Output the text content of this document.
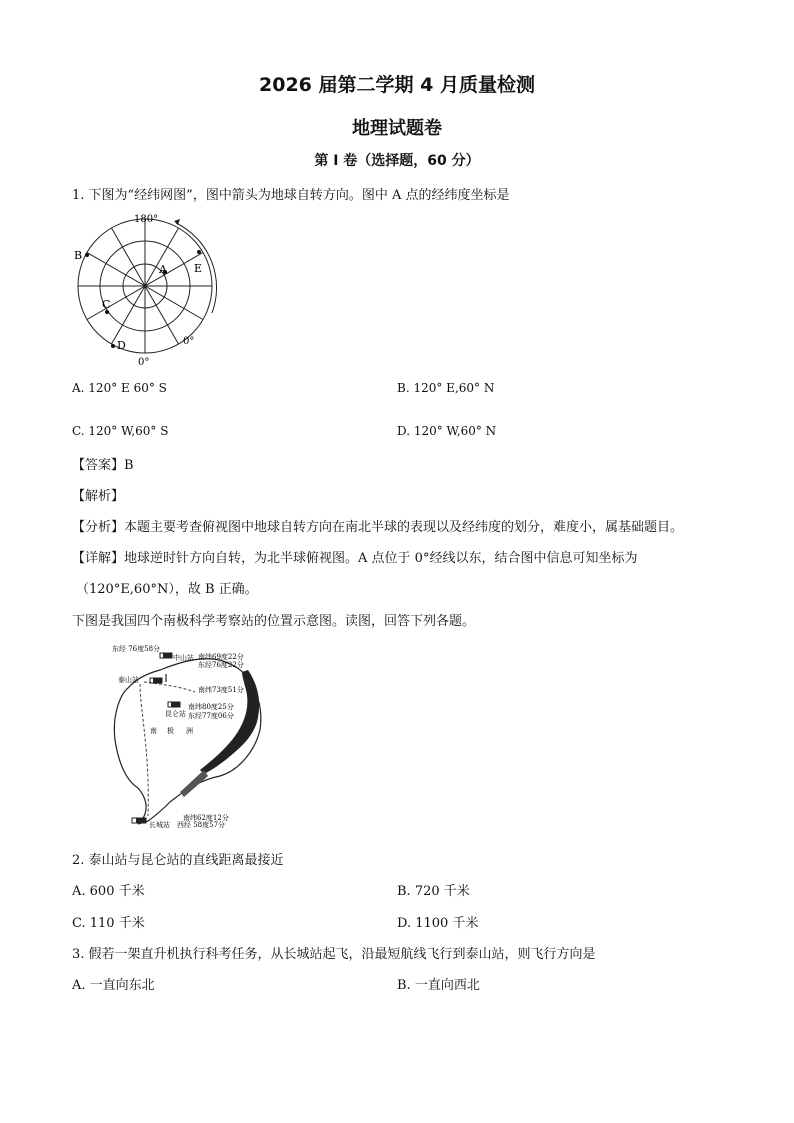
2026 届第二学期 4 月质量检测
地理试题卷
第 I 卷（选择题，60 分）
1. 下图为“经纬网图”，图中箭头为地球自转方向。图中 A 点的经纬度坐标是
180°
0°
0°
A
B
C
D
E
A. 120° E 60° S	B. 120° E,60° N
C. 120° W,60° S	D. 120° W,60° N
【答案】B
【解析】
【分析】本题主要考查俯视图中地球自转方向在南北半球的表现以及经纬度的划分，难度小，属基础题目。
【详解】地球逆时针方向自转，为北半球俯视图。A 点位于 0°经线以东，结合图中信息可知坐标为
（120°E,60°N），故 B 正确。
下图是我国四个南极科学考察站的位置示意图。读图，回答下列各题。
东经 76度58分
中山站 南纬69度22分
东经76度22分
泰山站
南纬73度51分
昆仑站
南纬80度25分
东经77度06分
南 极 洲
南纬62度12分
长城站 西经 58度57分
2. 泰山站与昆仑站的直线距离最接近
A. 600 千米	B. 720 千米
C. 110 千米	D. 1100 千米
3. 假若一架直升机执行科考任务，从长城站起飞，沿最短航线飞行到泰山站，则飞行方向是
A. 一直向东北	B. 一直向西北
